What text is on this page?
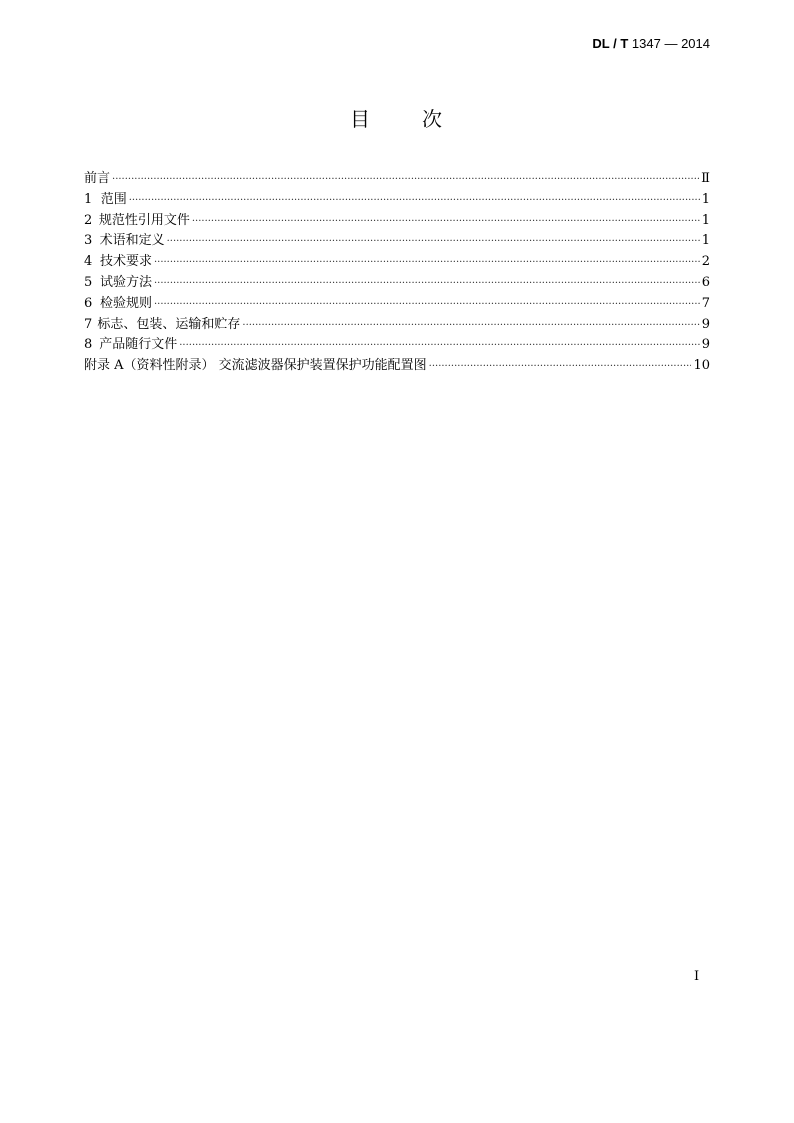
DL / T 1347 — 2014
目	次
前言 ·····	Ⅱ
1 范围 ·····	1
2 规范性引用文件 ·····	1
3 术语和定义 ·····	1
4 技术要求 ·····	2
5 试验方法 ·····	6
6 检验规则 ·····	7
7 标志、包装、运输和贮存 ·····	9
8 产品随行文件 ·····	9
附录 A（资料性附录） 交流滤波器保护装置保护功能配置图 ·····	10
I
